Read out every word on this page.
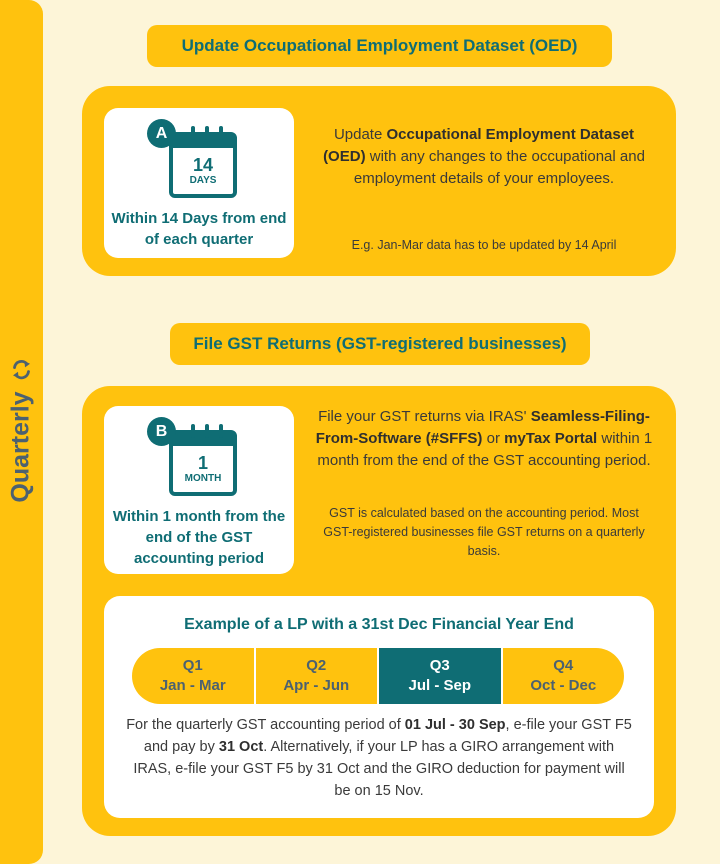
Quarterly
Update Occupational Employment Dataset (OED)
A
14
DAYS
Within 14 Days from end of each quarter
Update Occupational Employment Dataset (OED) with any changes to the occupational and employment details of your employees.
E.g. Jan-Mar data has to be updated by 14 April
File GST Returns (GST-registered businesses)
B
1
MONTH
Within 1 month from the end of the GST accounting period
File your GST returns via IRAS' Seamless-Filing-From-Software (#SFFS) or myTax Portal within 1 month from the end of the GST accounting period.
GST is calculated based on the accounting period. Most GST-registered businesses file GST returns on a quarterly basis.
Example of a LP with a 31st Dec Financial Year End
Q1
Jan - Mar
Q2
Apr - Jun
Q3
Jul - Sep
Q4
Oct - Dec
For the quarterly GST accounting period of 01 Jul - 30 Sep, e-file your GST F5 and pay by 31 Oct. Alternatively, if your LP has a GIRO arrangement with IRAS, e-file your GST F5 by 31 Oct and the GIRO deduction for payment will be on 15 Nov.
